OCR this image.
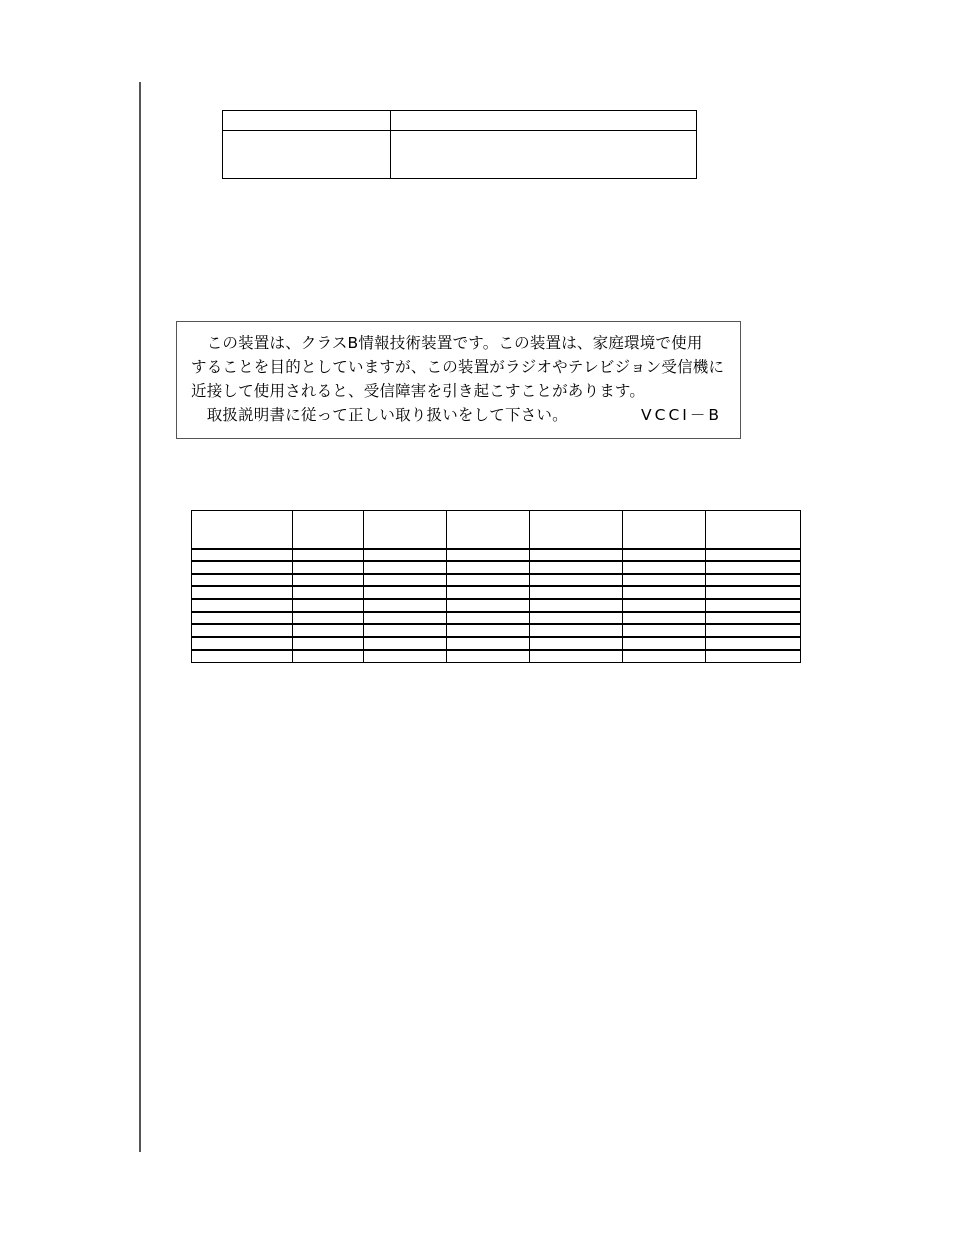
　この装置は、クラスB情報技術装置です。この装置は、家庭環境で使用
することを目的としていますが、この装置がラジオやテレビジョン受信機に
近接して使用されると、受信障害を引き起こすことがあります。
　取扱説明書に従って正しい取り扱いをして下さい。	VCCI－B
